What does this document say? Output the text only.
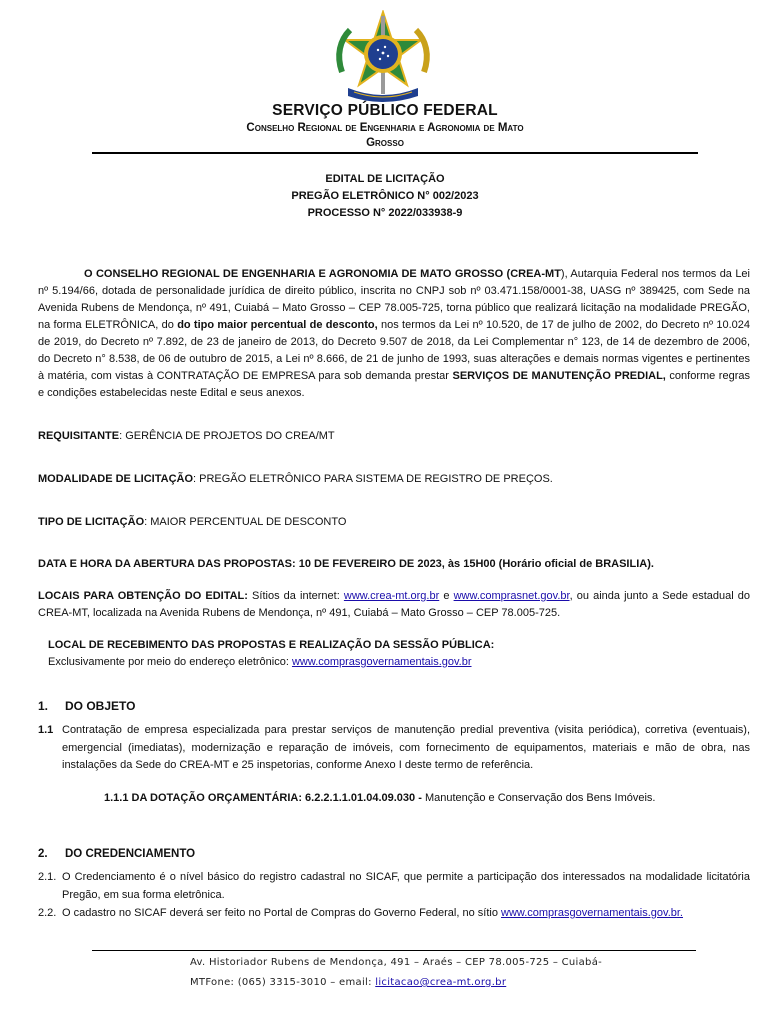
SERVIÇO PÚBLICO FEDERAL
Conselho Regional de Engenharia e Agronomia de Mato
Grosso
EDITAL DE LICITAÇÃO
PREGÃO ELETRÔNICO N° 002/2023
PROCESSO N° 2022/033938-9
O CONSELHO REGIONAL DE ENGENHARIA E AGRONOMIA DE MATO GROSSO (CREA-MT), Autarquia Federal nos termos da Lei nº 5.194/66, dotada de personalidade jurídica de direito público, inscrita no CNPJ sob nº 03.471.158/0001-38, UASG nº 389425, com Sede na Avenida Rubens de Mendonça, nº 491, Cuiabá – Mato Grosso – CEP 78.005-725, torna público que realizará licitação na modalidade PREGÃO, na forma ELETRÔNICA, do do tipo maior percentual de desconto, nos termos da Lei nº 10.520, de 17 de julho de 2002, do Decreto nº 10.024 de 2019, do Decreto nº 7.892, de 23 de janeiro de 2013, do Decreto 9.507 de 2018, da Lei Complementar n° 123, de 14 de dezembro de 2006, do Decreto n° 8.538, de 06 de outubro de 2015, a Lei nº 8.666, de 21 de junho de 1993, suas alterações e demais normas vigentes e pertinentes à matéria, com vistas à CONTRATAÇÃO DE EMPRESA para sob demanda prestar SERVIÇOS DE MANUTENÇÃO PREDIAL, conforme regras e condições estabelecidas neste Edital e seus anexos.
REQUISITANTE: GERÊNCIA DE PROJETOS DO CREA/MT
MODALIDADE DE LICITAÇÃO: PREGÃO ELETRÔNICO PARA SISTEMA DE REGISTRO DE PREÇOS.
TIPO DE LICITAÇÃO: MAIOR PERCENTUAL DE DESCONTO
DATA E HORA DA ABERTURA DAS PROPOSTAS: 10 DE FEVEREIRO DE 2023, às 15H00 (Horário oficial de BRASILIA).
LOCAIS PARA OBTENÇÃO DO EDITAL: Sítios da internet: www.crea-mt.org.br e www.comprasnet.gov.br, ou ainda junto a Sede estadual do CREA-MT, localizada na Avenida Rubens de Mendonça, nº 491, Cuiabá – Mato Grosso – CEP 78.005-725.
LOCAL DE RECEBIMENTO DAS PROPOSTAS E REALIZAÇÃO DA SESSÃO PÚBLICA:
Exclusivamente por meio do endereço eletrônico: www.comprasgovernamentais.gov.br
1. DO OBJETO
1.1 Contratação de empresa especializada para prestar serviços de manutenção predial preventiva (visita periódica), corretiva (eventuais), emergencial (imediatas), modernização e reparação de imóveis, com fornecimento de equipamentos, materiais e mão de obra, nas instalações da Sede do CREA-MT e 25 inspetorias, conforme Anexo I deste termo de referência.
1.1.1 DA DOTAÇÃO ORÇAMENTÁRIA: 6.2.2.1.1.01.04.09.030 - Manutenção e Conservação dos Bens Imóveis.
2. DO CREDENCIAMENTO
2.1. O Credenciamento é o nível básico do registro cadastral no SICAF, que permite a participação dos interessados na modalidade licitatória Pregão, em sua forma eletrônica.
2.2. O cadastro no SICAF deverá ser feito no Portal de Compras do Governo Federal, no sítio www.comprasgovernamentais.gov.br.
Av. Historiador Rubens de Mendonça, 491 – Araés – CEP 78.005-725 – Cuiabá-
MTFone: (065) 3315-3010 – email: licitacao@crea-mt.org.br
